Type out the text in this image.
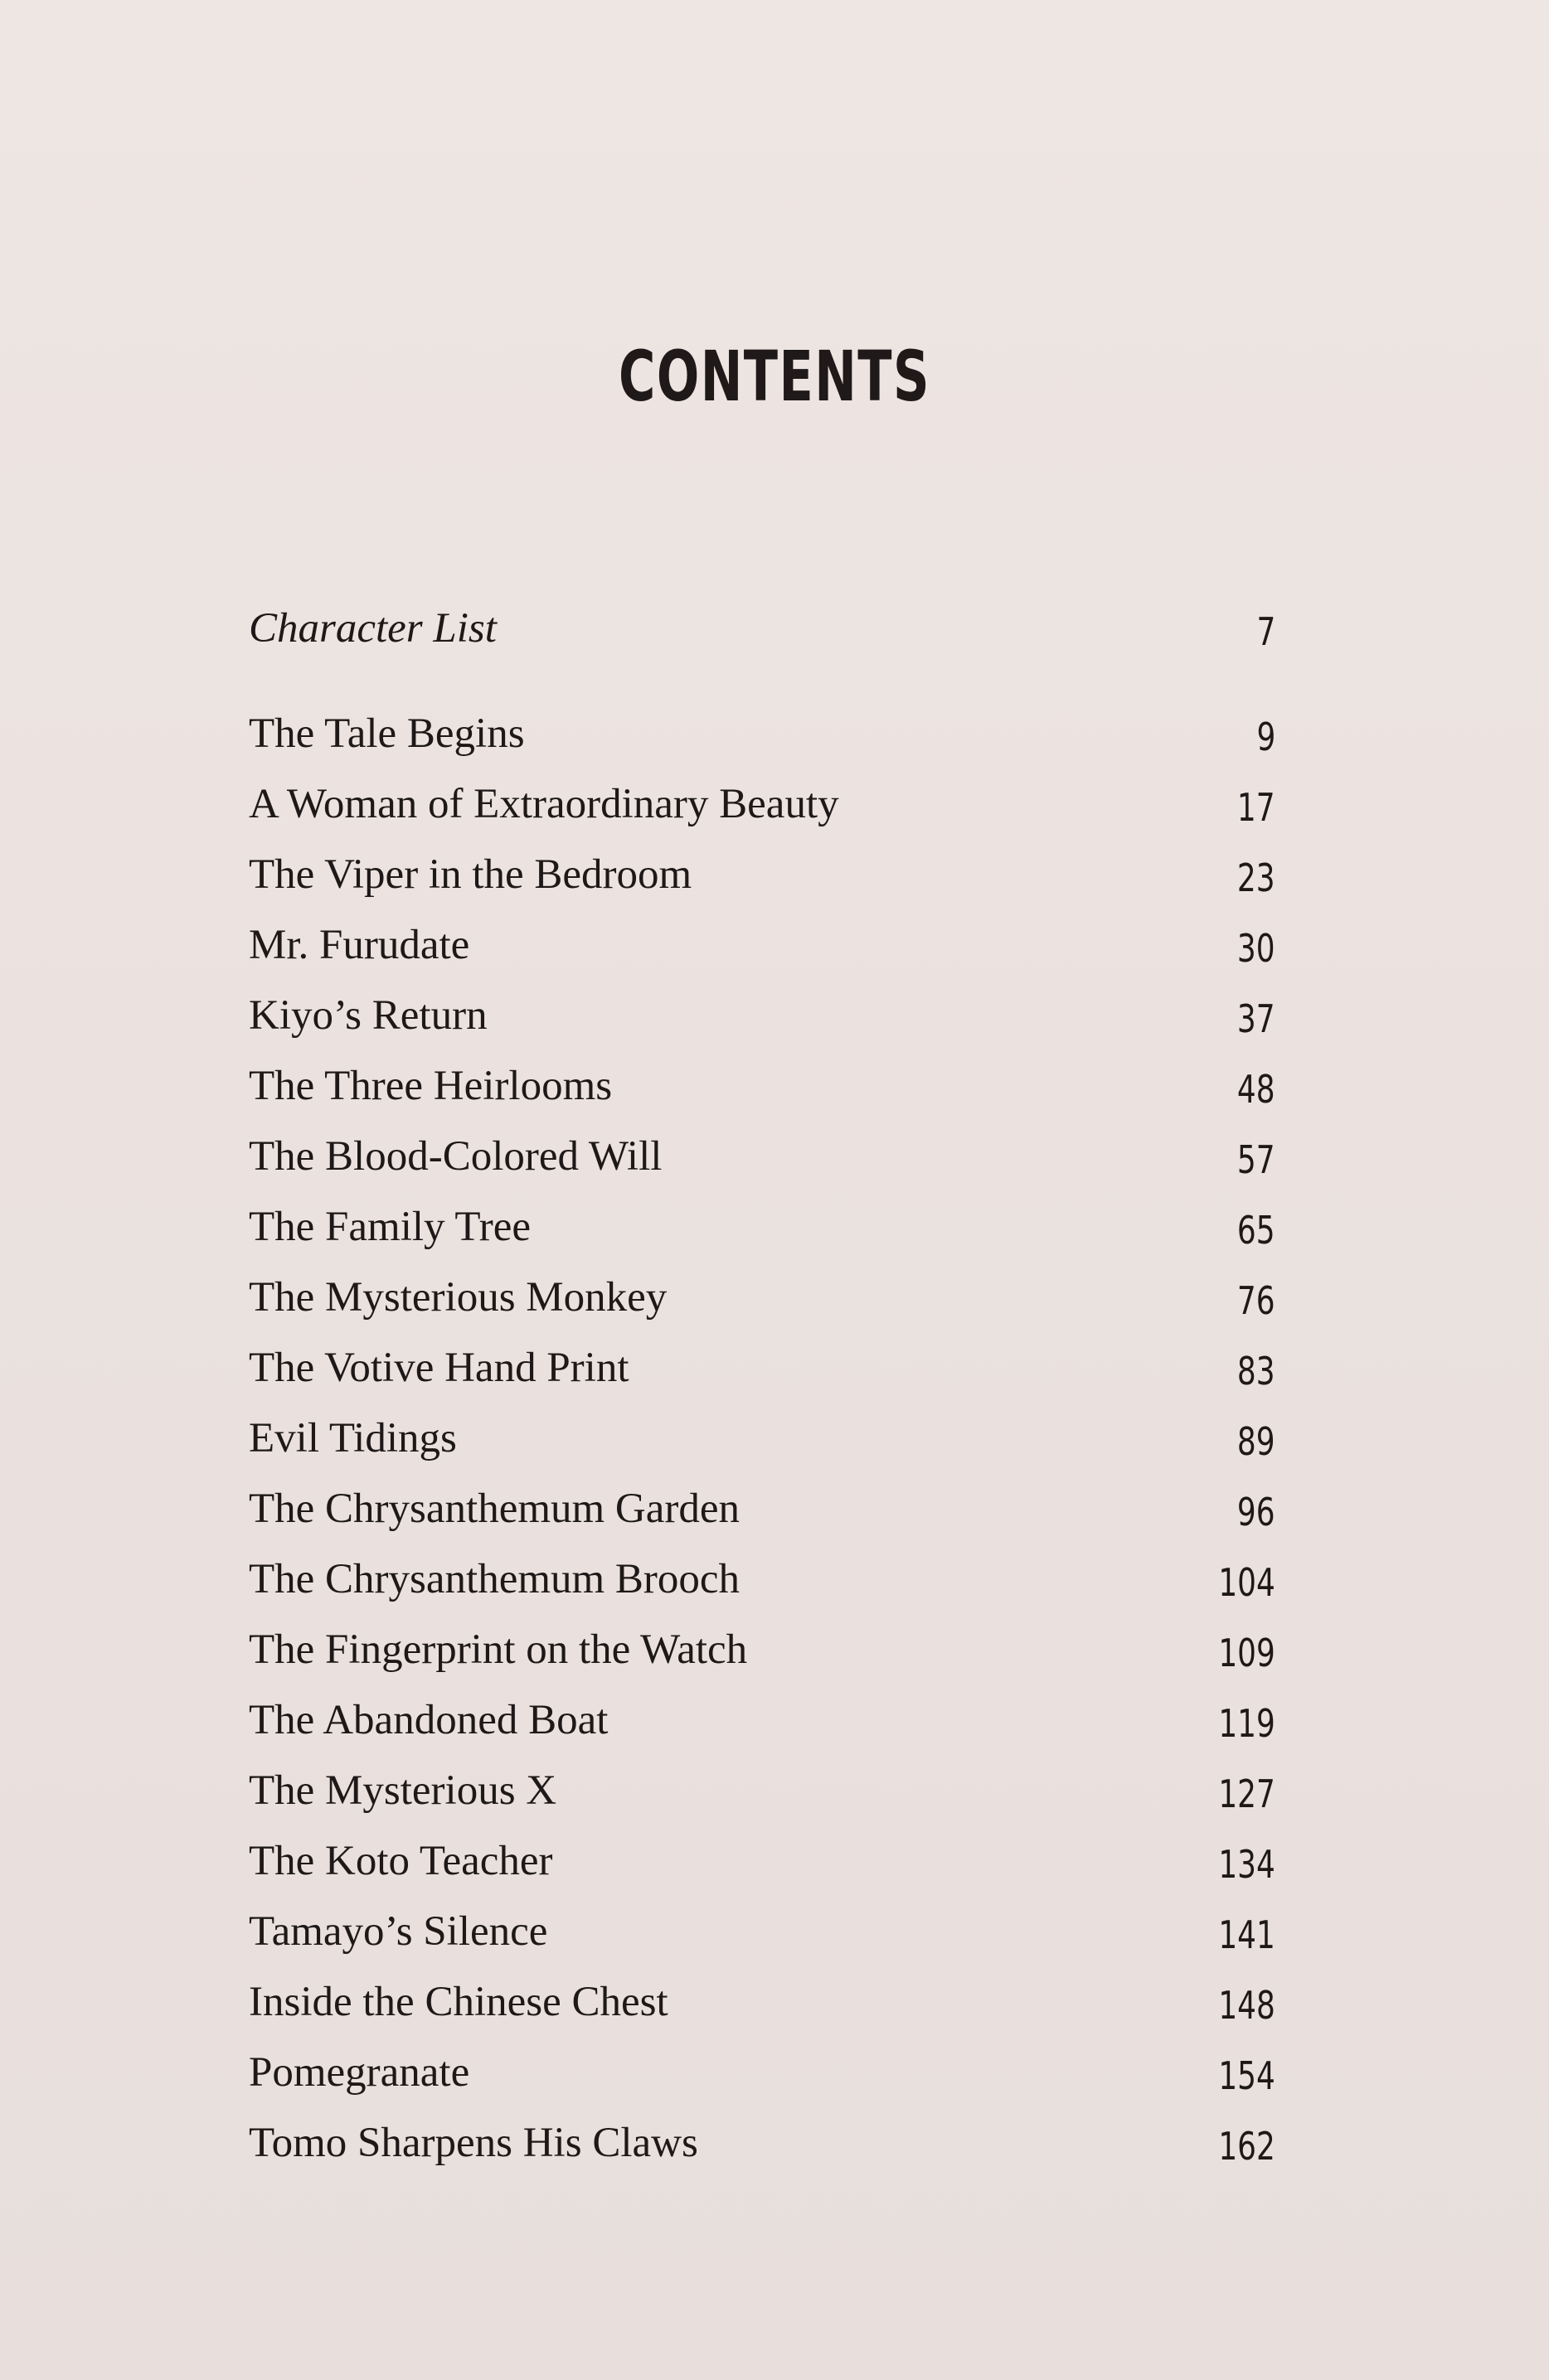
CONTENTS
Character List	7
The Tale Begins	9
A Woman of Extraordinary Beauty	17
The Viper in the Bedroom	23
Mr. Furudate	30
Kiyo’s Return	37
The Three Heirlooms	48
The Blood-Colored Will	57
The Family Tree	65
The Mysterious Monkey	76
The Votive Hand Print	83
Evil Tidings	89
The Chrysanthemum Garden	96
The Chrysanthemum Brooch	104
The Fingerprint on the Watch	109
The Abandoned Boat	119
The Mysterious X	127
The Koto Teacher	134
Tamayo’s Silence	141
Inside the Chinese Chest	148
Pomegranate	154
Tomo Sharpens His Claws	162
